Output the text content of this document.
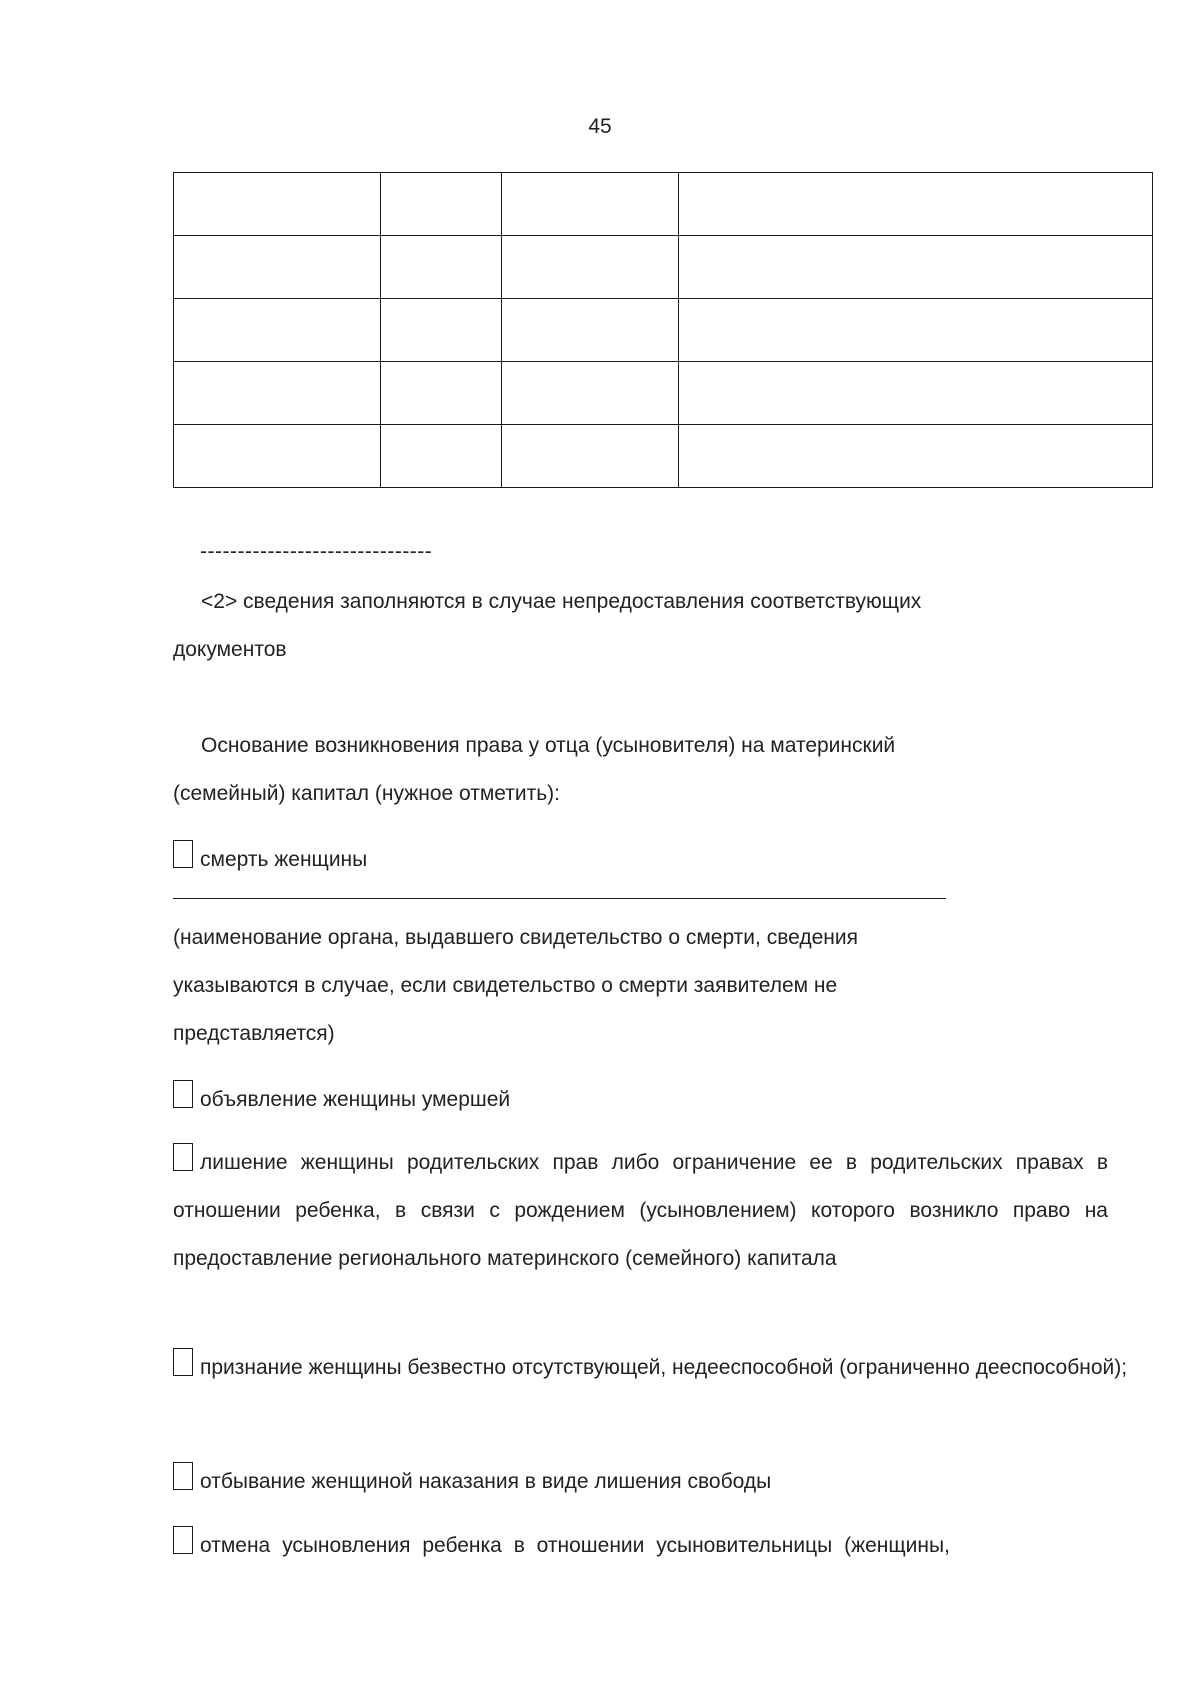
45

-------------------------------

<2> сведения заполняются в случае непредоставления соответствующих

документов

Основание возникновения права у отца (усыновителя) на материнский

(семейный) капитал (нужное отметить):

смерть женщины

(наименование органа, выдавшего свидетельство о смерти, сведения

указываются в случае, если свидетельство о смерти заявителем не

представляется)

объявление женщины умершей

лишение женщины родительских прав либо ограничение ее в родительских правах в отношении ребенка, в связи с рождением (усыновлением) которого возникло право на предоставление регионального материнского (семейного) капитала

признание женщины безвестно отсутствующей, недееспособной (ограниченно дееспособной);

отбывание женщиной наказания в виде лишения свободы

отмена усыновления ребенка в отношении усыновительницы (женщины,
